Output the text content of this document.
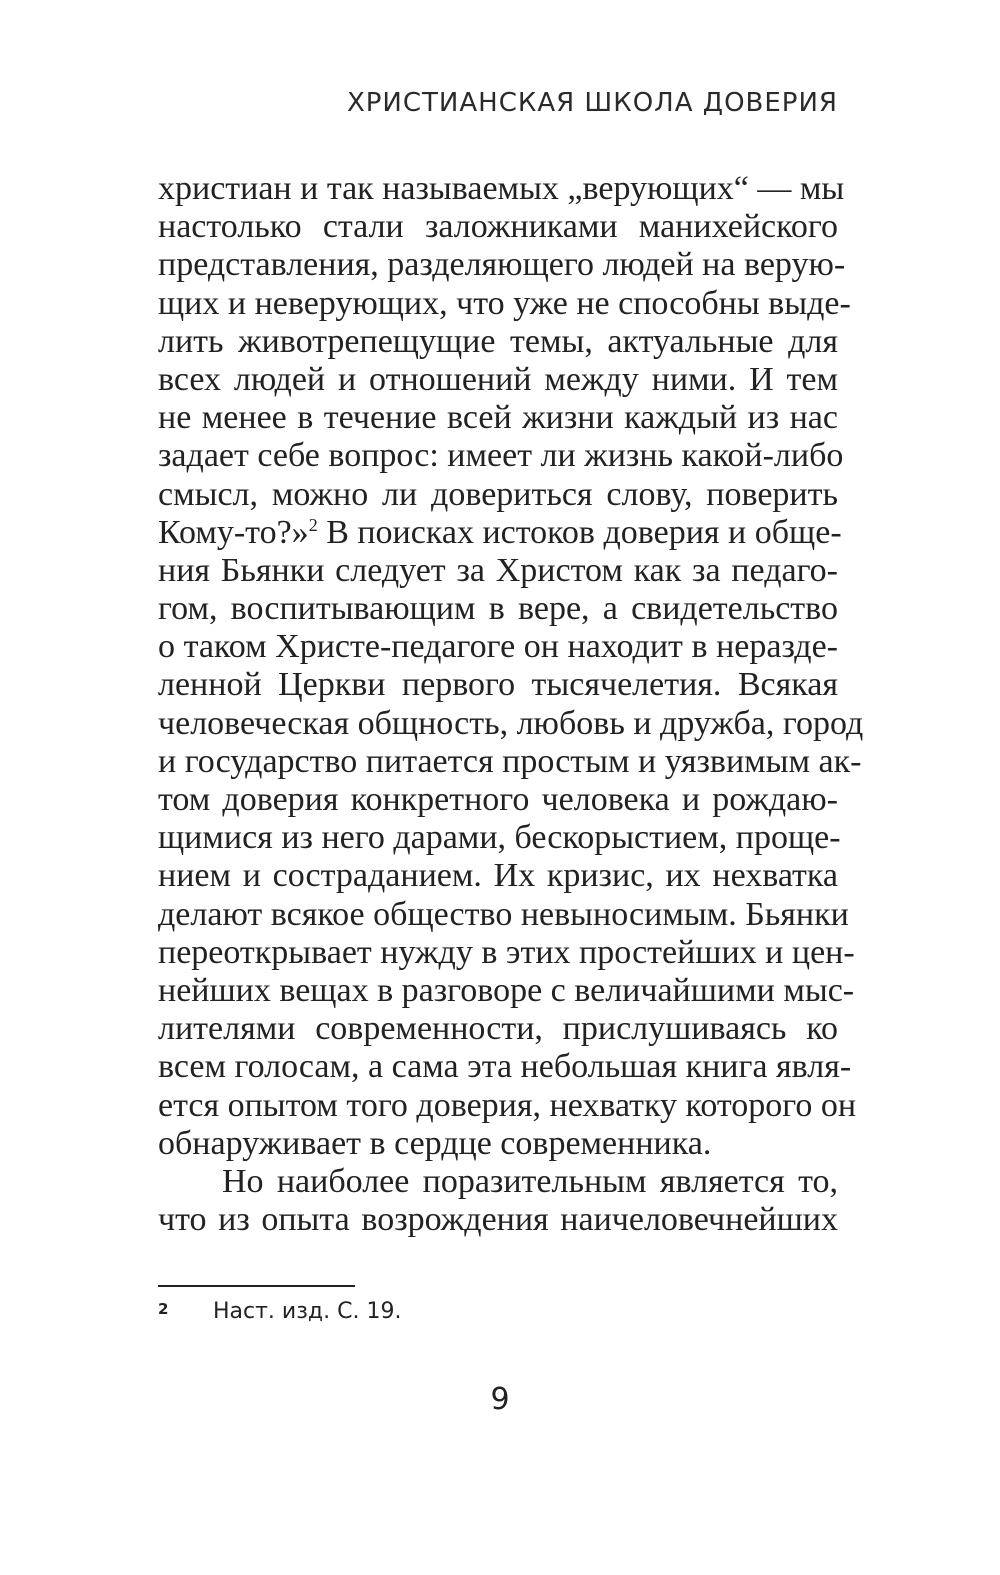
ХРИСТИАНСКАЯ ШКОЛА ДОВЕРИЯ
христиан и так называемых „верующих“ — мы
настолько стали заложниками манихейского
представления, разделяющего людей на верую-
щих и неверующих, что уже не способны выде-
лить животрепещущие темы, актуальные для
всех людей и отношений между ними. И тем
не менее в течение всей жизни каждый из нас
задает себе вопрос: имеет ли жизнь какой-либо
смысл, можно ли довериться слову, поверить
Кому-то?»$^2$ В поисках истоков доверия и обще-
ния Бьянки следует за Христом как за педаго-
гом, воспитывающим в вере, а свидетельство
о таком Христе-педагоге он находит в неразде-
ленной Церкви первого тысячелетия. Всякая
человеческая общность, любовь и дружба, город
и государство питается простым и уязвимым ак-
том доверия конкретного человека и рождаю-
щимися из него дарами, бескорыстием, проще-
нием и состраданием. Их кризис, их нехватка
делают всякое общество невыносимым. Бьянки
переоткрывает нужду в этих простейших и цен-
нейших вещах в разговоре с величайшими мыс-
лителями современности, прислушиваясь ко
всем голосам, а сама эта небольшая книга явля-
ется опытом того доверия, нехватку которого он
обнаруживает в сердце современника.
Но наиболее поразительным является то,
что из опыта возрождения наичеловечнейших
2 Наст. изд. С. 19.
9
